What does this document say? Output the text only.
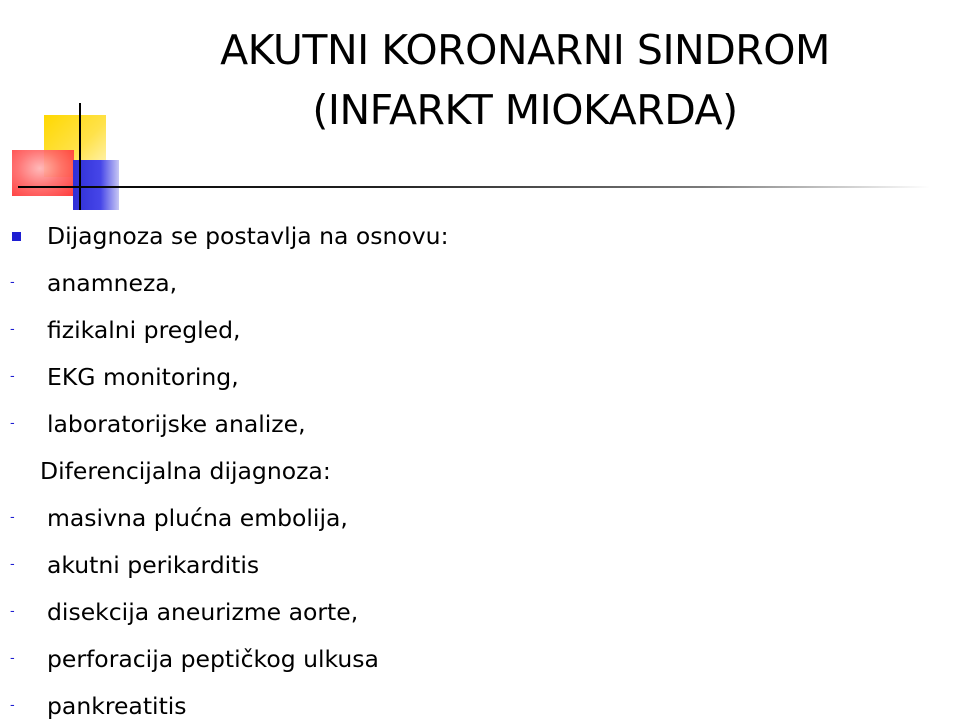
AKUTNI KORONARNI SINDROM
(INFARKT MIOKARDA)
Dijagnoza se postavlja na osnovu:
- anamneza,
- fizikalni pregled,
- EKG monitoring,
- laboratorijske analize,
Diferencijalna dijagnoza:
- masivna plućna embolija,
- akutni perikarditis
- disekcija aneurizme aorte,
- perforacija peptičkog ulkusa
- pankreatitis
